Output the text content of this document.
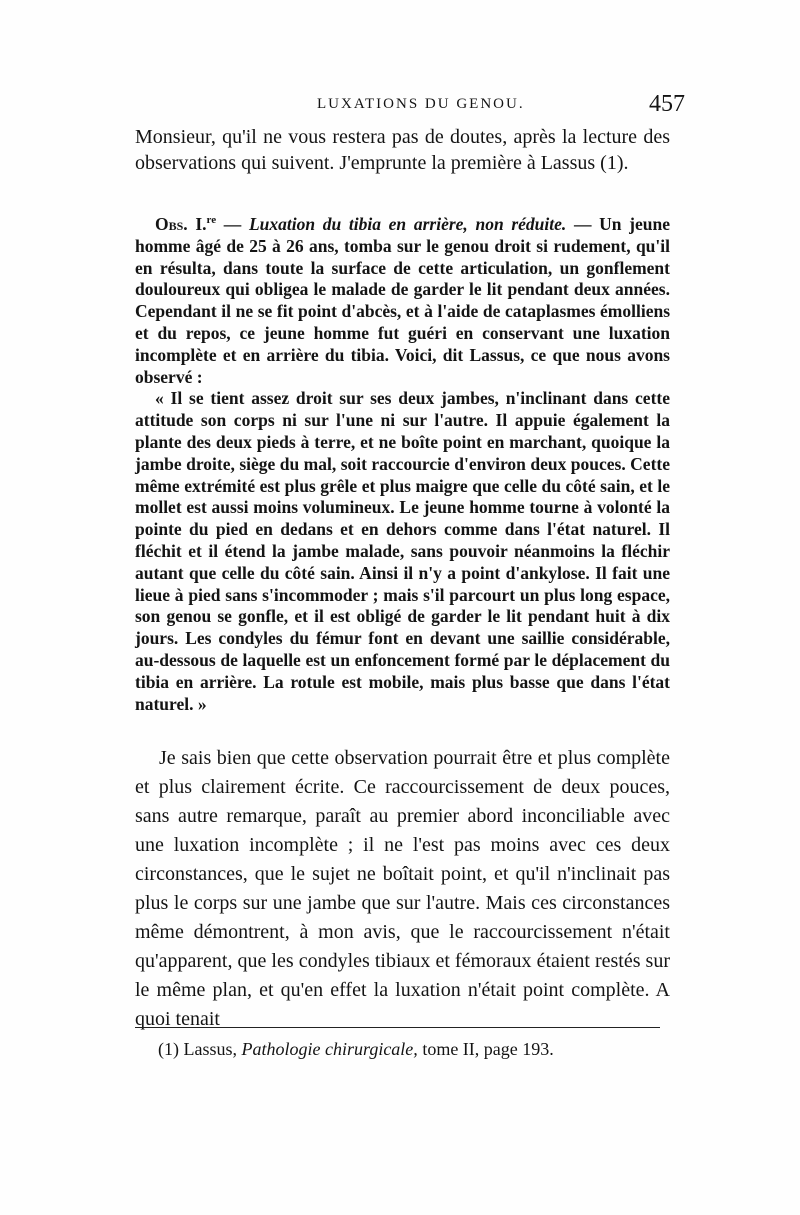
LUXATIONS DU GENOU.	457

Monsieur, qu'il ne vous restera pas de doutes, après la lecture des observations qui suivent. J'emprunte la première à Lassus (1).

Obs. I.$^{re}$ — Luxation du tibia en arrière, non réduite. — Un jeune homme âgé de 25 à 26 ans, tomba sur le genou droit si rudement, qu'il en résulta, dans toute la surface de cette articulation, un gonflement douloureux qui obligea le malade de garder le lit pendant deux années. Cependant il ne se fit point d'abcès, et à l'aide de cataplasmes émolliens et du repos, ce jeune homme fut guéri en conservant une luxation incomplète et en arrière du tibia. Voici, dit Lassus, ce que nous avons observé :

« Il se tient assez droit sur ses deux jambes, n'inclinant dans cette attitude son corps ni sur l'une ni sur l'autre. Il appuie également la plante des deux pieds à terre, et ne boîte point en marchant, quoique la jambe droite, siège du mal, soit raccourcie d'environ deux pouces. Cette même extrémité est plus grêle et plus maigre que celle du côté sain, et le mollet est aussi moins volumineux. Le jeune homme tourne à volonté la pointe du pied en dedans et en dehors comme dans l'état naturel. Il fléchit et il étend la jambe malade, sans pouvoir néanmoins la fléchir autant que celle du côté sain. Ainsi il n'y a point d'ankylose. Il fait une lieue à pied sans s'incommoder ; mais s'il parcourt un plus long espace, son genou se gonfle, et il est obligé de garder le lit pendant huit à dix jours. Les condyles du fémur font en devant une saillie considérable, au-dessous de laquelle est un enfoncement formé par le déplacement du tibia en arrière. La rotule est mobile, mais plus basse que dans l'état naturel. »

Je sais bien que cette observation pourrait être et plus complète et plus clairement écrite. Ce raccourcissement de deux pouces, sans autre remarque, paraît au premier abord inconciliable avec une luxation incomplète ; il ne l'est pas moins avec ces deux circonstances, que le sujet ne boîtait point, et qu'il n'inclinait pas plus le corps sur une jambe que sur l'autre. Mais ces circonstances même démontrent, à mon avis, que le raccourcissement n'était qu'apparent, que les condyles tibiaux et fémoraux étaient restés sur le même plan, et qu'en effet la luxation n'était point complète. A quoi tenait

(1) Lassus, Pathologie chirurgicale, tome II, page 193.
